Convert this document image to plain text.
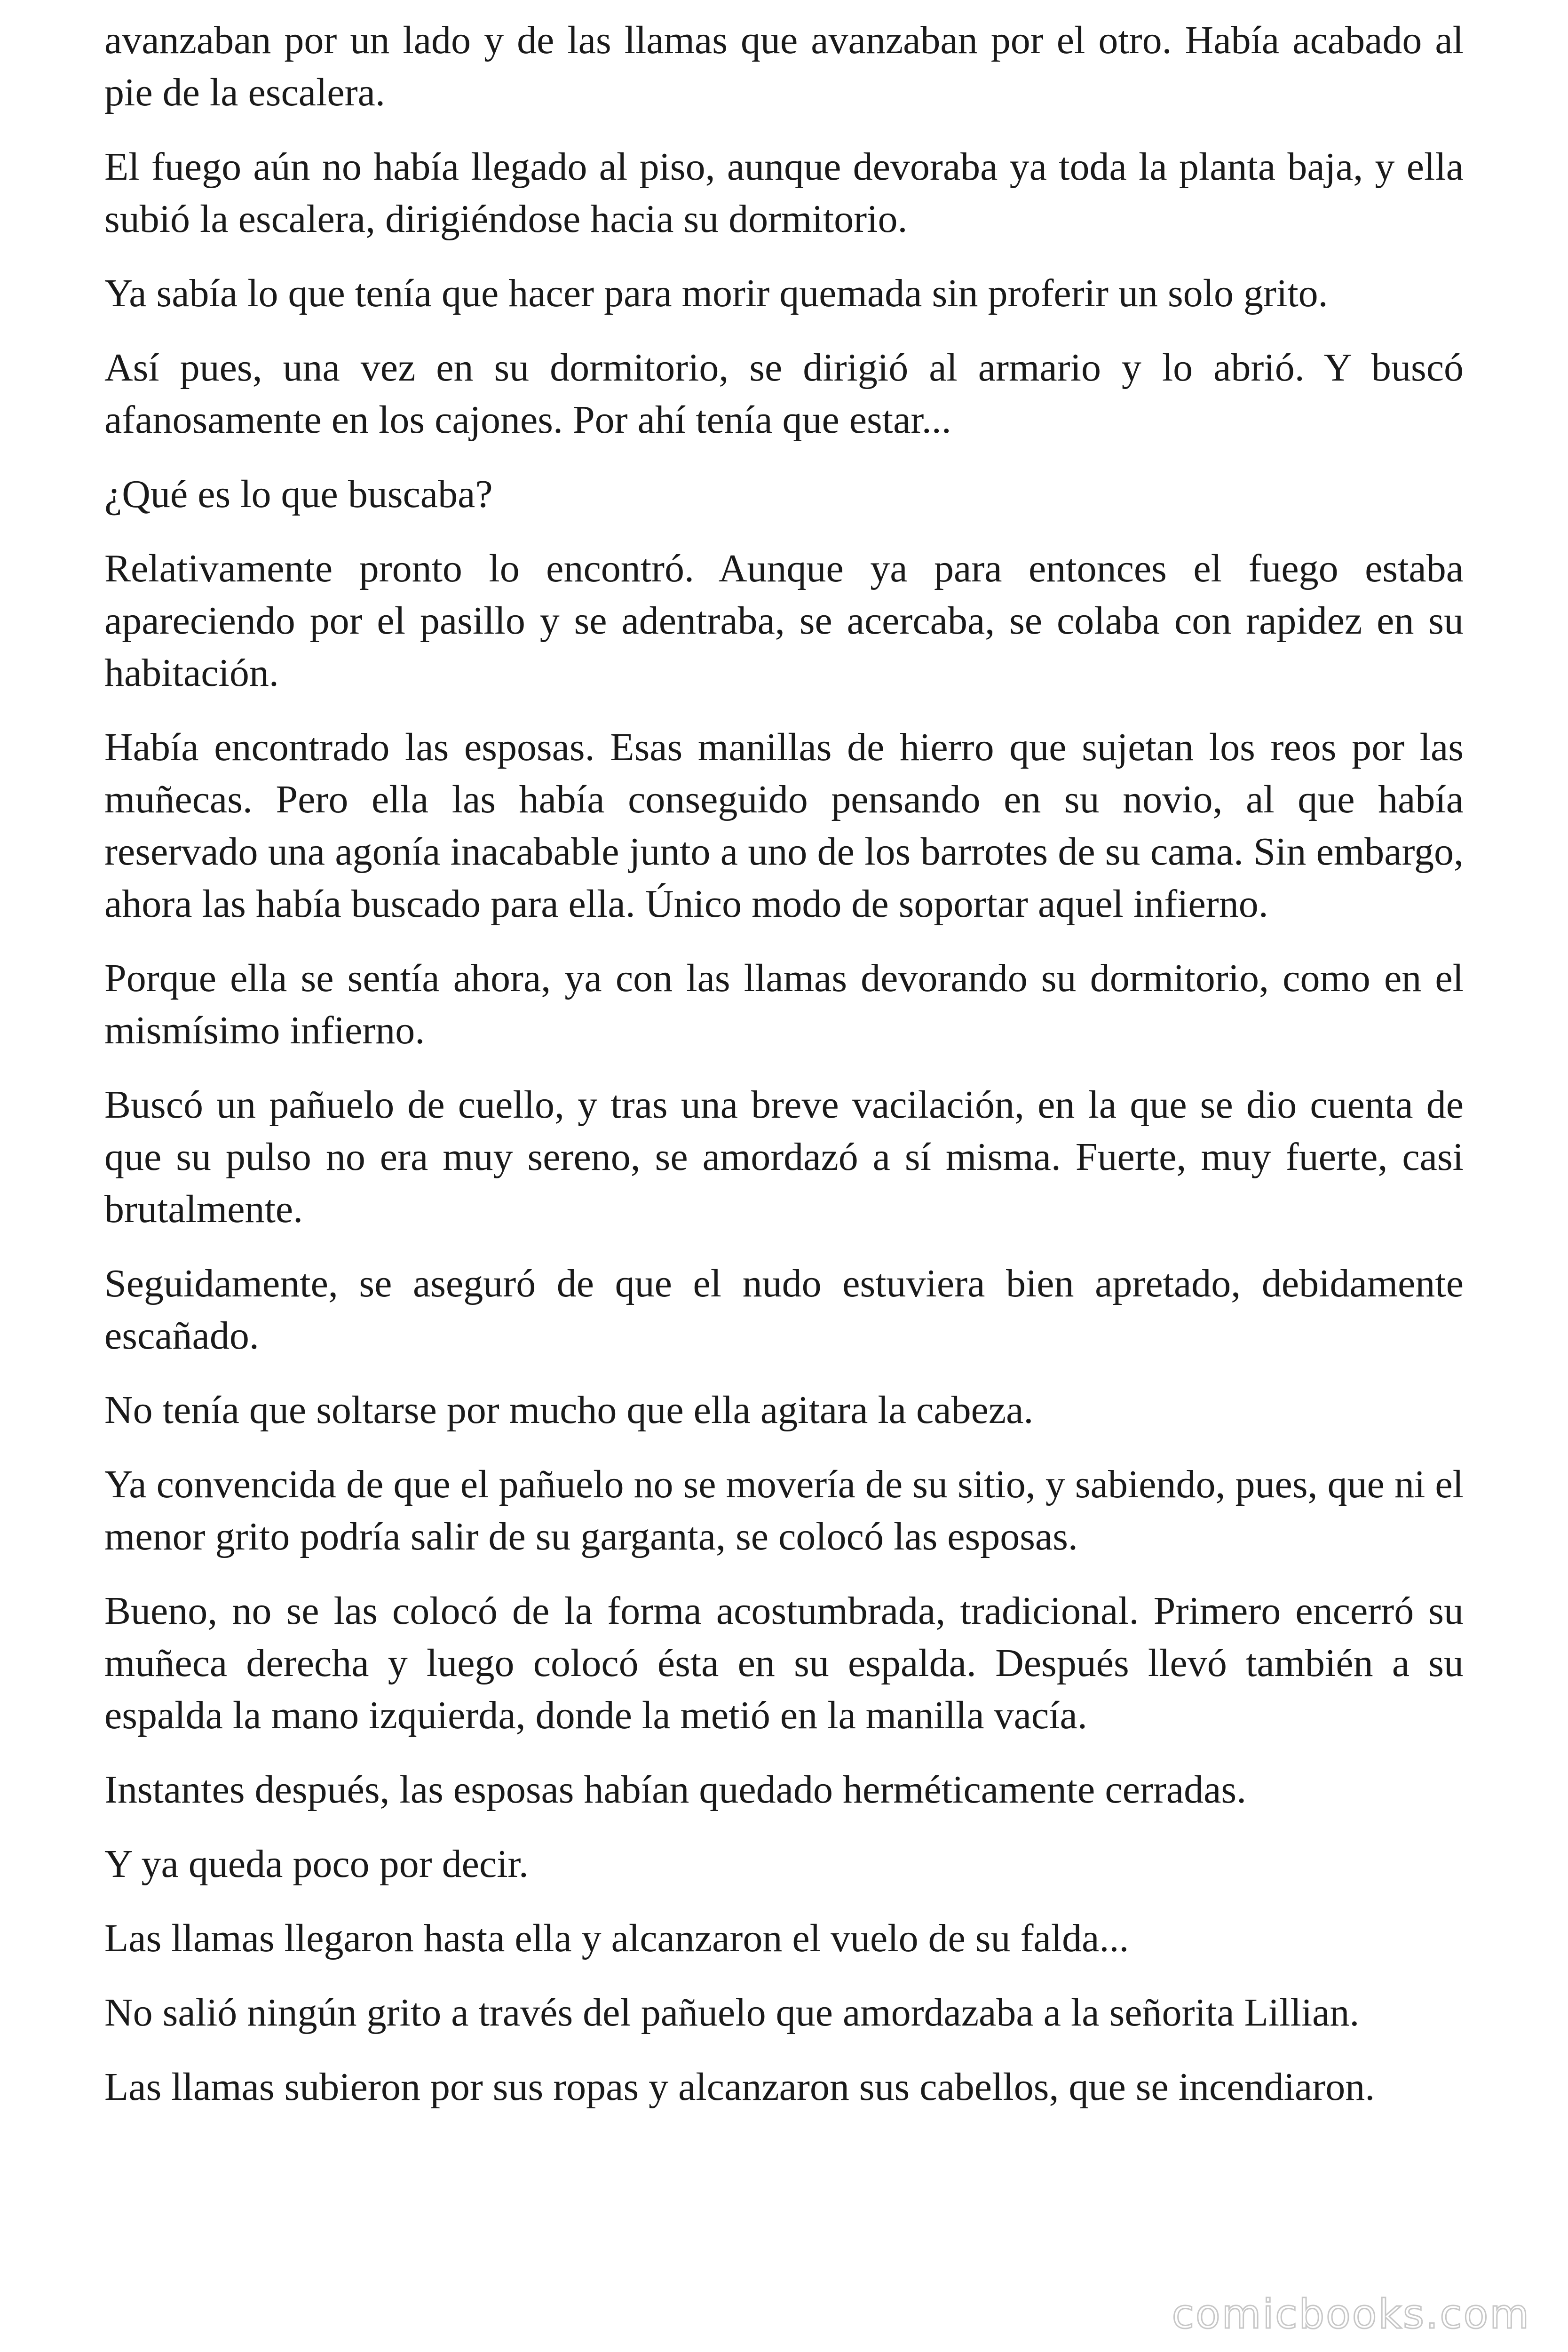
avanzaban por un lado y de las llamas que avanzaban por el otro. Había acabado al pie de la escalera.

El fuego aún no había llegado al piso, aunque devoraba ya toda la planta baja, y ella subió la escalera, dirigiéndose hacia su dormitorio.

Ya sabía lo que tenía que hacer para morir quemada sin proferir un solo grito.

Así pues, una vez en su dormitorio, se dirigió al armario y lo abrió. Y buscó afanosamente en los cajones. Por ahí tenía que estar...

¿Qué es lo que buscaba?

Relativamente pronto lo encontró. Aunque ya para entonces el fuego estaba apareciendo por el pasillo y se adentraba, se acercaba, se colaba con rapidez en su habitación.

Había encontrado las esposas. Esas manillas de hierro que sujetan los reos por las muñecas. Pero ella las había conseguido pensando en su novio, al que había reservado una agonía inacabable junto a uno de los barrotes de su cama. Sin embargo, ahora las había buscado para ella. Único modo de soportar aquel infierno.

Porque ella se sentía ahora, ya con las llamas devorando su dormitorio, como en el mismísimo infierno.

Buscó un pañuelo de cuello, y tras una breve vacilación, en la que se dio cuenta de que su pulso no era muy sereno, se amordazó a sí misma. Fuerte, muy fuerte, casi brutalmente.

Seguidamente, se aseguró de que el nudo estuviera bien apretado, debidamente escañado.

No tenía que soltarse por mucho que ella agitara la cabeza.

Ya convencida de que el pañuelo no se movería de su sitio, y sabiendo, pues, que ni el menor grito podría salir de su garganta, se colocó las esposas.

Bueno, no se las colocó de la forma acostumbrada, tradicional. Primero encerró su muñeca derecha y luego colocó ésta en su espalda. Después llevó también a su espalda la mano izquierda, donde la metió en la manilla vacía.

Instantes después, las esposas habían quedado herméticamente cerradas.

Y ya queda poco por decir.

Las llamas llegaron hasta ella y alcanzaron el vuelo de su falda...

No salió ningún grito a través del pañuelo que amordazaba a la señorita Lillian.

Las llamas subieron por sus ropas y alcanzaron sus cabellos, que se incendiaron.

comicbooks.com
